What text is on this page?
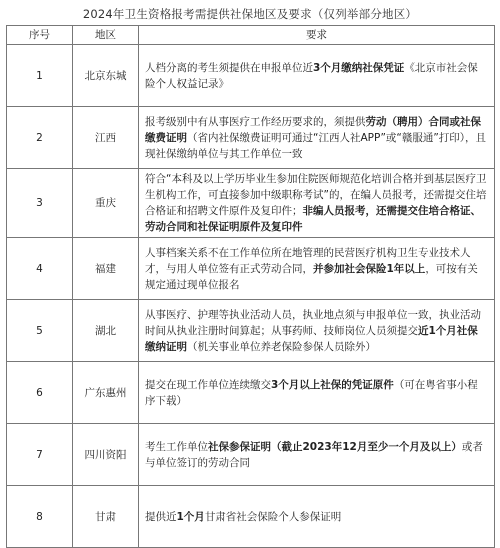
2024年卫生资格报考需提供社保地区及要求（仅列举部分地区）
序号	地区	要求
1	北京东城	人档分离的考生须提供在申报单位近3个月缴纳社保凭证《北京市社会保险个人权益记录》
2	江西	报考级别中有从事医疗工作经历要求的，须提供劳动（聘用）合同或社保缴费证明（省内社保缴费证明可通过“江西人社APP”或“赣服通”打印），且现社保缴纳单位与其工作单位一致
3	重庆	符合“本科及以上学历毕业生参加住院医师规范化培训合格并到基层医疗卫生机构工作，可直接参加中级职称考试”的，在编人员报考，还需提交住培合格证和招聘文件原件及复印件；非编人员报考，还需提交住培合格证、劳动合同和社保证明原件及复印件
4	福建	人事档案关系不在工作单位所在地管理的民营医疗机构卫生专业技术人才，与用人单位签有正式劳动合同，并参加社会保险1年以上，可按有关规定通过现单位报名
5	湖北	从事医疗、护理等执业活动人员，执业地点须与申报单位一致，执业活动时间从执业注册时间算起；从事药师、技师岗位人员须提交近1个月社保缴纳证明（机关事业单位养老保险参保人员除外）
6	广东惠州	提交在现工作单位连续缴交3个月以上社保的凭证原件（可在粤省事小程序下载）
7	四川资阳	考生工作单位社保参保证明（截止2023年12月至少一个月及以上）或者与单位签订的劳动合同
8	甘肃	提供近1个月甘肃省社会保险个人参保证明
